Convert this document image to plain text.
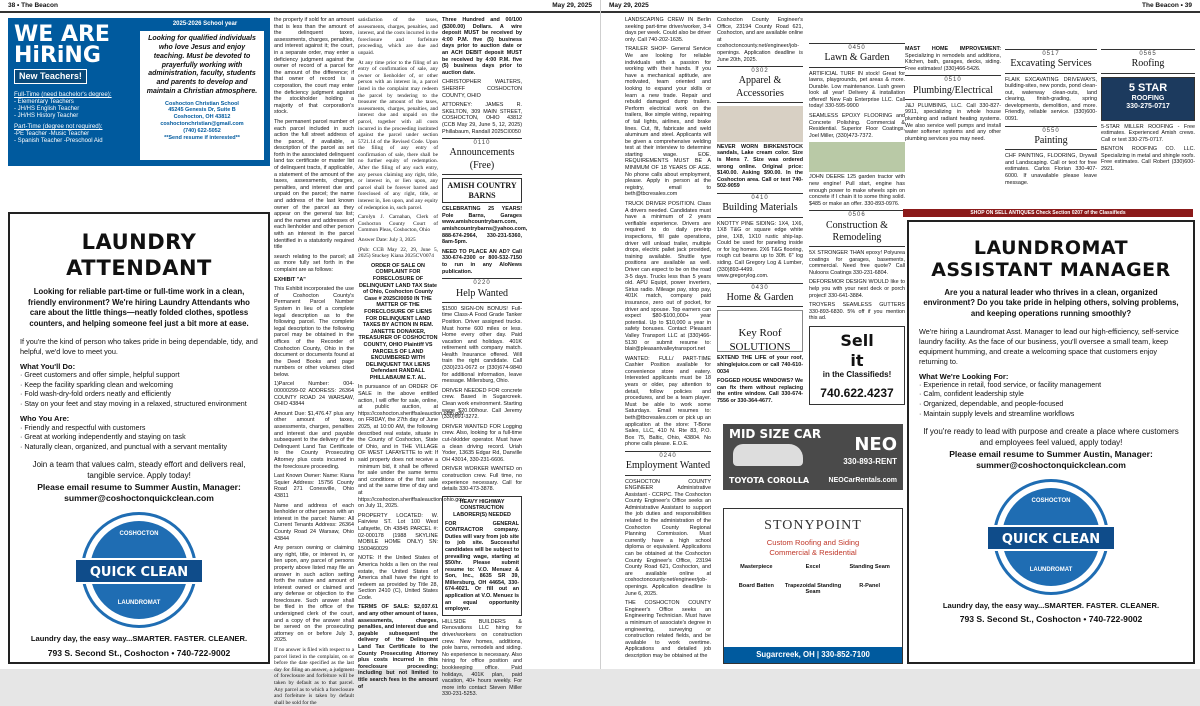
38 • The Beacon	May 29, 2025
WE ARE
HiRiNG
New Teachers!
Full-Time (need bachelor's degree):
- Elementary Teachers
- JH/HS English Teacher
- JH/HS History Teacher
Part-Time (degree not required):
-PE Teacher -Music Teacher
- Spanish Teacher -Preschool Aid
2025-2026 School year
Looking for qualified individuals who love Jesus and enjoy teaching. Must be devoted to prayerfully working with administration, faculty, students and parents to develop and maintain a Christian atmosphere.
Coshocton Christian School
45245 Genesis Dr, Suite B
Coshocton, OH 43812
coshoctonchristian@gmail.com
(740) 622-5052
**Send resume if interested**

the property if sold for an amount that is less than the amount of the delinquent taxes, assessments, charges, penalties, and interest against it; the court, in a separate order, may enter a deficiency judgment against the owner of record of a parcel for the amount of the difference; if that owner of record is a corporation, the court may enter the deficiency judgment against the stockholder holding a majority of that corporation's stock.

The permanent parcel number of each parcel included in such action the full street address of the parcel, if available, a description of the parcel as set forth in the associated delinquent land tax certificate or master list of delinquent tracts, if applicable, a statement of the amount of the taxes, assessments, charges, penalties, and interest due and unpaid on the parcel; the name and address of the last known owner of the parcel as they appear on the general tax list; and the names and addresses of each lienholder and other person with an interest in the parcel identified in a statutorily required title

search relating to the parcel; all as more fully set forth in the complaint are as follows:

EXHIBIT "A"

This Exhibit incorporated the use of Coshocton County's Permanent Parcel Number System in lieu of a complete legal description as to the following parcel. The complete legal description to the following parcel may be obtained in the offices of the Recorder of Coshocton County, Ohio in the document or documents found at the Deed Books and page numbers or other volumes cited below.

1)Parcel Number: 004-00000299-02 ADDRESS: 26364 COUNTY ROAD 24 WARSAW, OHIO 43844

Amount Due: $1,476.47 plus any other amount of taxes, assessments, charges, penalties and interest due and payable subsequent to the delivery of the Delinquent Land Tax Certificate to the County Prosecuting Attorney plus costs incurred in the foreclosure proceeding.

Last Known Owner: Name: Kiana Squier Address: 15756 County Road 271 Conesville, Ohio 43811

Name and address of each lienholder or other person with an interest in the parcel: Name: All Current Tenants Address: 26364 County Road 24 Warsaw, Ohio 43844

Any person owning or claiming any right, title, or interest in, or lien upon, any parcel of persons property above listed may file an answer in such action setting forth the nature and amount of interest owned or claimed and any defense or objection to the foreclosure. Such answer shall be filed in the office of the undersigned clerk of the court, and a copy of the answer shall be served on the prosecuting attorney on or before July 3, 2025.

If no answer is filed with respect to a parcel listed in the complaint, on or before the date specified as the last day for filing an answer, a judgment of foreclosure and forfeiture will be taken by default as to that parcel. Any parcel as to which a foreclosure and forfeiture is taken by default shall be sold for the

satisfaction of the taxes, assessments, charges, penalties, and interest, and the costs incurred in the foreclosure and forfeiture proceeding, which are due and unpaid.

At any time prior to the filing of an entry of confirmation of sale, any owner or lienholder of, or other person with an interest in, a parcel listed in the complaint may redeem the parcel by tendering to the treasurer the amount of the taxes, assessments, charges, penalties, and interest due and unpaid on the parcel, together with all costs incurred in the proceeding instituted against the parcel under section 5721.14 of the Revised Code. Upon the filing of any entry of confirmation of sale, there shall be no further equity of redemption. After the filing of any such entry, any person claiming any right, title, or interest in, or lien upon, any parcel shall be forever barred and foreclosed of any right, title, or interest in, lien upon, and any equity of redemption in, such parcel.

Carolyn J. Carnahan, Clerk of Coshocton County Court of Common Pleas, Coshocton, Ohio

Answer Date: July 3, 2025

(Pub: CCB May 22, 29, June 5, 2025) Stuckey Kiana 2025CV0074

ORDER OF SALE ON COMPLAINT FOR FORECLOSURE OF DELINQUENT LAND TAX State of Ohio, Coshocton County Case # 2025CI0050 IN THE MATTER OF THE FORECLOSURE OF LIENS FOR DELINQUENT LAND TAXES BY ACTION IN REM. JANETTE DONAKER, TREASURER OF COSHOCTON COUNTY, OHIO Plaintiff VS PARCELS OF LAND ENCUMBERED WITH DELINQUENT TAX LIENS Defendant RANDALL PHILLABAUM E.T. AL.

In pursuance of an ORDER OF SALE in the above entitled action, I will offer for sale, online, at public auction, at https://coshocton.sheriffsaleauction.ohio.gov, on FRIDAY, the 27th day of June 2025, at 10:00 AM, the following described real estate, situate in the County of Coshocton, State of Ohio, and in THE VILLAGE OF WEST LAFAYETTE to wit: If said property does not receive a minimum bid, it shall be offered for sale under the same terms and conditions of the first sale and at the same time of day and at https://coshocton.sheriffsaleauction.ohio.gov on July 11, 2025.

PROPERTY LOCATED: W. Fairview ST. Lot 100 West Lafayette, Oh 43845 PARCEL #: 02-000178 (1988 SKYLINE MOBILE HOME ONLY) SN: 1500460029

NOTE: If the United States of America holds a lien on the real estate, the United States of America shall have the right to redeem as provided by Title 28, Section 2410 (C), United States Code.

TERMS OF SALE: $2,037.61 and any other amount of taxes, assessments, charges, penalties, and interest due and payable subsequent the delivery of the Delinquent Land Tax Certificate to the County Prosecuting Attorney plus costs incurred in this foreclosure proceeding; including but not limited to title search fees in the amount of

Three Hundred and 00/100 ($300.00) Dollars. A wire deposit MUST be received by 4:00 P.M. five (5) business days prior to auction date or an ACH DEBIT deposit MUST be received by 4:00 P.M. five (5) business days prior to auction date.

CHRISTOPHER WALTERS, SHERIFF COSHOCTON COUNTY, OHIO

ATTORNEY: JAMES R. SKELTON, 309 MAIN STREET, COSHOCTON, OHIO 43812 (CCB May 29, June 5, 12, 2025) Phillabaum, Randall 2025CI0050

0110
Announcements (Free)
AMISH COUNTRY BARNS

CELEBRATING 25 YEARS! Pole Barns, Garages www.amishcountrybarn.com, amishcountrybarns@yahoo.com, 888-674-2964, 330-231-5360, 8am-5pm.

NEED TO PLACE AN AD? Call 330-674-2300 or 800-532-7150 to run in any AloNews publication.

0220
Help Wanted

$1500 SIGN-ON BONUS! Full-time Class-A Food Grade Tanker Position. Driver assigned trucks. Must home 600 miles or less. Home every other day. Paid vacation and holidays. 401K retirement with company match. Health Insurance offered. Will train the right candidate. Call (330)231-0672 or (330)674-9840 for additional information, leave message. Millersburg, Ohio.

DRIVER NEEDED FOR concrete crew. Based in Sugarcreek. Clean work environment. Starting wage $20.00/hour. Call Jeremy (330)691-3272.

DRIVER WANTED FOR Logging crew. Also, looking for a full-time cut-/skidder operator. Must have a clean driving record. Uriah Yoder, 13635 Edgar Rd, Danville OH 43014, 330-231-6606.

DRIVER WORKER WANTED on construction crew. Full time, no experience necessary. Call for details 330-473-3878.

HEAVY HIGHWAY CONSTRUCTION LABORER(S) NEEDED
FOR GENERAL CONTRACTOR company. Duties will vary from job site to job site. Successful candidates will be subject to prevailing wage, starting at $50/hr. Please submit resume to: V.O. Menuez & Son, Inc., 8635 SR 39, Millersburg, OH 44654, 330-674-4021. Or fill out an application at V.O. Menuez is an equal opportunity employer.

HILLSIDE BUILDERS & Renovations LLC hiring for driver/workers on construction crew. New homes, additions, pole barns, remodels and siding. No experience is necessary. Also hiring for office position and bookkeeping office. Paid holidays, 401K plan, paid vacation, 40+ hours weekly. For more info contact Steven Miller 330-231-5253.

LAUNDRY ATTENDANT
Looking for reliable part-time or full-time work in a clean, friendly environment? We're hiring Laundry Attendants who care about the little things—neatly folded clothes, spotless counters, and helping someone feel just a bit more at ease.
If you're the kind of person who takes pride in being dependable, tidy, and helpful, we'd love to meet you.
What You'll Do:
· Greet customers and offer simple, helpful support
· Keep the facility sparkling clean and welcoming
· Fold wash-dry-fold orders neatly and efficiently
· Stay on your feet and stay moving in a relaxed, structured environment
Who You Are:
· Friendly and respectful with customers
· Great at working independently and staying on task
· Naturally clean, organized, and punctual with a servant mentality
Join a team that values calm, steady effort and delivers real, tangible service. Apply today!
Please email resume to Summer Austin, Manager: summer@coshoctonquickclean.com
COSHOCTON
QUICK CLEAN
LAUNDROMAT
Laundry day, the easy way...SMARTER. FASTER. CLEANER.
793 S. Second St., Coshocton • 740-722-9002
May 29, 2025	The Beacon • 39

LANDSCAPING CREW IN Berlin seeking part-time driver/worker, 3-4 days per week. Could also be driver only. Call 740-202-1635.

TRAILER SHOP- General Service We are looking for reliable individuals with a passion for working with their hands. If you have a mechanical aptitude, are motivated, team oriented and looking to expand your skills or learn a new trade. Repair and rebuild damaged dump trailers. Perform electrical work on the trailers, like simple wiring, repairing of tail lights, airlines, and brake lines. Cut, fit, fabricate and weld aluminum and steel. Applicants will be given a comprehensive welding test at their interview to determine starting wage. EOE. REQUIREMENTS MUST BE A MINIMUM OF 18 YEARS OF AGE. No phone calls about employment, please. Apply in person at the registry, email to beth@tbcresales.com

TRUCK DRIVER POSITION. Class A drivers needed. Candidates must have a minimum of 2 years verifiable experience. Drivers are required to do daily pre-trip inspections, fill gate operations, driver will unload trailer, multiple drops, electric pallet jack provided, training available. Shuttle type positions are available as well. Driver can expect to be on the road 3-5 days. Trucks less than 5 years old. APU Equipt, power inverters, Sirius radio. Mileage pay, stop pay, 401K match, company paid insurance, zero out of pocket, for driver and spouse. Top earners can expect $80-$100,000+ year potential. Up to $10,000 a year in safety bonuses. Contact Pleasant Valley Transport LLC at (330)466-5130 or submit resume to: blair@pleasantvalleytransport.net

WANTED: FULL/ PART-TIME Cashier Position available for convenience store and eatery. Interested applicants must be 18 years or older, pay attention to detail, follow policies and procedures, and be a team player. Must be able to work some Saturdays. Email resumes to: beth@tbcresales.com or pick up an application at the store: T-Bone Sales, LLC, 410 N. Rte 83, P.O. Box 75, Baltic, Ohio, 43804. No phone calls please. E.O.E.

0240
Employment Wanted

COSHOCTON COUNTY ENGINEER Administrative Assistant - CCRPC. The Coshocton County Engineer's Office seeks an Administrative Assistant to support the job duties and responsibilities related to the administration of the Coshocton County Regional Planning Commission. Must currently have a high school diploma or equivalent. Applications can be obtained at the Coshocton County Engineer's Office, 23194 County Road 621, Coshocton, and are available online at coshoctoncounty.net/engineer/job-openings. Application deadline is June 6, 2025.

THE COSHOCTON COUNTY Engineer's Office seeks an Engineering Technician. Must have a minimum of associate's degree in engineering, surveying or construction related fields, and be available to work overtime. Applications and detailed job description may be obtained at the

Coshocton County Engineer's Office, 23194 County Road 621, Coshocton, and are available online at coshoctoncounty.net/engineer/job-openings. Application deadline is June 20th, 2025.

0302
Apparel & Accessories

NEVER WORN BIRKENSTOCK sandals, Lake cream color. Size is Mens 7. Size was ordered wrong online. Original price: $140.00. Asking $90.00. In the Coshocton area. Call or text 740-502-9059

0410
Building Materials

KNOTTY PINE SIDING: 1X4, 1X6, 1X8 T&G or square edge white pine, 1X8, 1X10 rustic ship-lap. Could be used for paneling inside or for log homes. 2X6 T&G flooring, rough cut beams up to 30ft. 6" log siding. Call Gregory Log & Lumber, (330)893-4499. www.gregorylog.com.

0430
Home & Garden
Key Roof SOLUTIONS

EXTEND THE LIFE of your roof, shinglejuice.com or call 740-610-0034

FOGGED HOUSE WINDOWS? We can fix them without replacing the entire window. Call 330-674-7556 or 330-364-4677.

0450
Lawn & Garden

ARTIFICIAL TURF IN stock! Great for lawns, playgrounds, pet areas & more. Durable. Low maintenance. Lush green look all year! Delivery & installation offered! New Fab Enterprise LLC. Call today! 330-595-9900

SEAMLESS EPOXY FLOORING and Concrete Polishing. Commercial & Residential. Superior Floor Coatings, Joel Miller, (330)473-7372.

JOHN DEERE 125 garden tractor with new engine! Pull start, engine has enough power to make wheels spin on concrete if I chain it to some thing solid. $485 or make an offer. 330-893-0976.

0506
Construction & Remodeling

5X STRONGER THAN epoxy! Polyurea coatings for garages, basements, commercial. Need free quote? Call Nuloons Coatings 330-231-6804.

DEFOREMOR DESIGN WOULD like to help you with your next deck or porch project! 330-641-3884.

TROYERS SEAMLESS GUTTERS 330-893-6830. 5% off if you mention this ad.

Sell
it
in the Classifieds!
740.622.4237

MAST HOME IMPROVEMENT: Specializing in remodels and additions, Kitchen, bath, garages, decks, siding. Free estimates! (330)466-5426.

0510
Plumbing/Electrical

J&J PLUMBING, LLC. Call 330-827-9911, specializing in whole house plumbing and radiant heating systems. We also service well pumps and install water softener systems and any other plumbing services you may need.

0517
Excavating Services

FLAIK EXCAVATING DRIVEWAYS, building-sites, new ponds, pond clean-out, waterway clean-outs, land clearing, finish-grading, spring developments, demolition, and more. Friendly, reliable service. (330)600-0091.

0550
Painting

CHF PAINTING, FLOORING, Drywall and Landscaping. Call or text for free estimates. Carlos Florian 330-407-6000. If unavailable please leave message.

0565
Roofing
5 STAR
ROOFING
330-275-0717

5-STAR MILLER ROOFING - Free estimates. Experienced Amish crews. Call or text 330-275-0717.

BENTON ROOFING CO. LLC. Specializing in metal and shingle roofs. Free estimates. Call Robert (330)600-2921.

SHOP ON SELL ANTIQUES Check Section 0207 of the Classifieds
MID SIZE CAR NEO
330-893-RENT
TOYOTA COROLLA	NEOCarRentals.com
STONYPOINT
Custom Roofing and Siding
Commercial & Residential
Masterpiece	Excel	Standing Seam
Board Batten	Trapezoidal Standing Seam
R-Panel
Sugarcreek, OH | 330-852-7100
LAUNDROMAT ASSISTANT MANAGER
Are you a natural leader who thrives in a clean, organized environment? Do you take pride in helping others, solving problems, and keeping operations running smoothly?
We're hiring a Laundromat Asst. Manager to lead our high-efficiency, self-service laundry facility. As the face of our business, you'll oversee a small team, keep equipment humming, and create a welcoming space that customers enjoy returning to.
What We're Looking For:
· Experience in retail, food service, or facility management
· Calm, confident leadership style
· Organized, dependable, and people-focused
· Maintain supply levels and streamline workflows
If you're ready to lead with purpose and create a place where customers and employees feel valued, apply today!
Please email resume to Summer Austin, Manager: summer@coshoctonquickclean.com
COSHOCTON
QUICK CLEAN
LAUNDROMAT
Laundry day, the easy way...SMARTER. FASTER. CLEANER.
793 S. Second St., Coshocton • 740-722-9002
